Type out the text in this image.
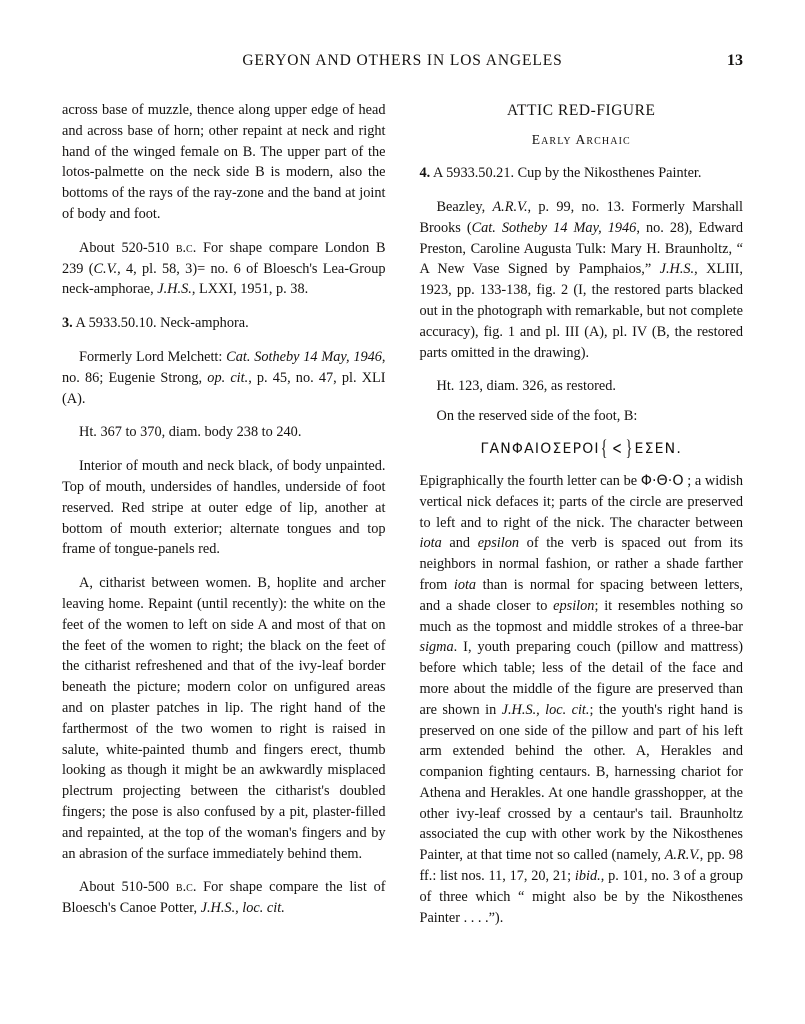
GERYON AND OTHERS IN LOS ANGELES	13

across base of muzzle, thence along upper edge of head and across base of horn; other repaint at neck and right hand of the winged female on B. The upper part of the lotos-palmette on the neck side B is modern, also the bottoms of the rays of the ray-zone and the band at joint of body and foot.

About 520-510 b.c. For shape compare London B 239 (C.V., 4, pl. 58, 3)= no. 6 of Bloesch's Lea-Group neck-amphorae, J.H.S., LXXI, 1951, p. 38.

3. A 5933.50.10. Neck-amphora.

Formerly Lord Melchett: Cat. Sotheby 14 May, 1946, no. 86; Eugenie Strong, op. cit., p. 45, no. 47, pl. XLI (A).

Ht. 367 to 370, diam. body 238 to 240.

Interior of mouth and neck black, of body unpainted. Top of mouth, undersides of handles, underside of foot reserved. Red stripe at outer edge of lip, another at bottom of mouth exterior; alternate tongues and top frame of tongue-panels red.

A, citharist between women. B, hoplite and archer leaving home. Repaint (until recently): the white on the feet of the women to left on side A and most of that on the feet of the women to right; the black on the feet of the citharist refreshened and that of the ivy-leaf border beneath the picture; modern color on unfigured areas and on plaster patches in lip. The right hand of the farthermost of the two women to right is raised in salute, white-painted thumb and fingers erect, thumb looking as though it might be an awkwardly misplaced plectrum projecting between the citharist's doubled fingers; the pose is also confused by a pit, plaster-filled and repainted, at the top of the woman's fingers and by an abrasion of the surface immediately behind them.

About 510-500 b.c. For shape compare the list of Bloesch's Canoe Potter, J.H.S., loc. cit.

ATTIC RED-FIGURE

Early Archaic

4. A 5933.50.21. Cup by the Nikosthenes Painter.

Beazley, A.R.V., p. 99, no. 13. Formerly Marshall Brooks (Cat. Sotheby 14 May, 1946, no. 28), Edward Preston, Caroline Augusta Tulk: Mary H. Braunholtz, “ A New Vase Signed by Pamphaios,” J.H.S., XLIII, 1923, pp. 133-138, fig. 2 (I, the restored parts blacked out in the photograph with remarkable, but not complete accuracy), fig. 1 and pl. III (A), pl. IV (B, the restored parts omitted in the drawing).

Ht. 123, diam. 326, as restored.

On the reserved side of the foot, B:

ΓΑΝΦΑΙΟΣΕΡΟΙ{ < }ΕΣΕΝ.

Epigraphically the fourth letter can be Φ·Θ·Ο ; a widish vertical nick defaces it; parts of the circle are preserved to left and to right of the nick. The character between iota and epsilon of the verb is spaced out from its neighbors in normal fashion, or rather a shade farther from iota than is normal for spacing between letters, and a shade closer to epsilon; it resembles nothing so much as the topmost and middle strokes of a three-bar sigma. I, youth preparing couch (pillow and mattress) before which table; less of the detail of the face and more about the middle of the figure are preserved than are shown in J.H.S., loc. cit.; the youth's right hand is preserved on one side of the pillow and part of his left arm extended behind the other. A, Herakles and companion fighting centaurs. B, harnessing chariot for Athena and Herakles. At one handle grasshopper, at the other ivy-leaf crossed by a centaur's tail. Braunholtz associated the cup with other work by the Nikosthenes Painter, at that time not so called (namely, A.R.V., pp. 98 ff.: list nos. 11, 17, 20, 21; ibid., p. 101, no. 3 of a group of three which “ might also be by the Nikosthenes Painter . . . .”).
